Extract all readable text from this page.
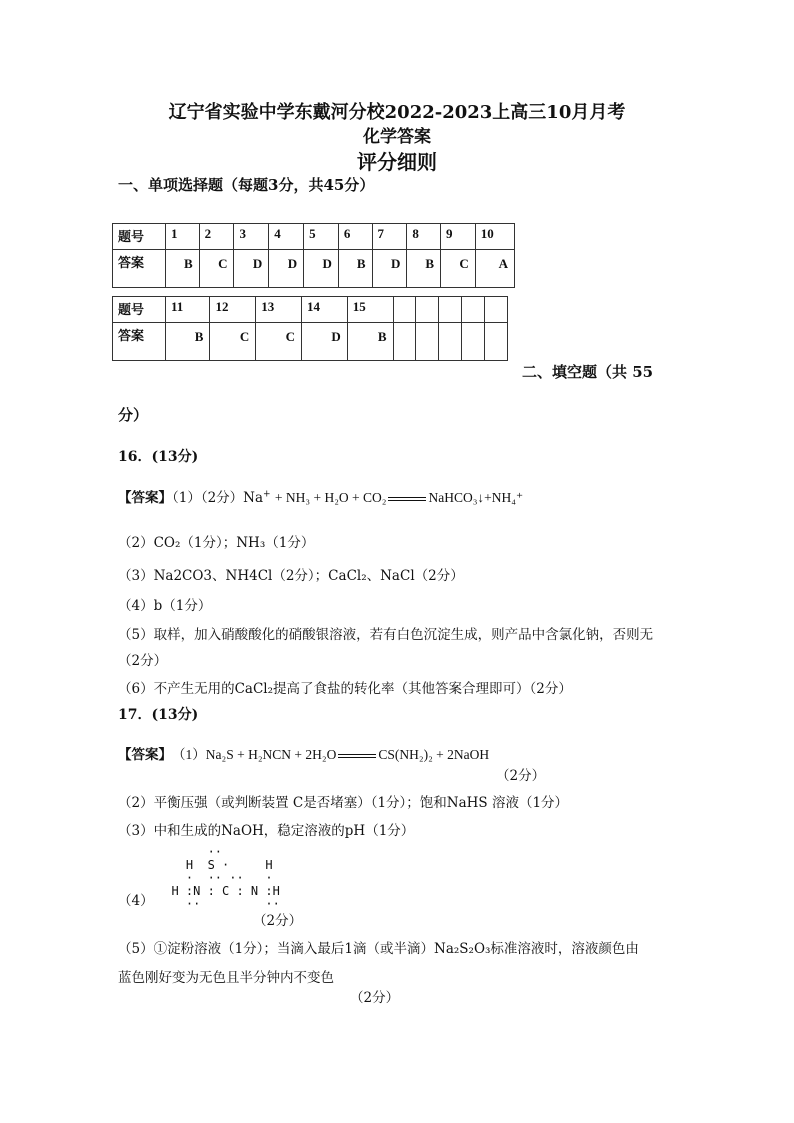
辽宁省实验中学东戴河分校2022-2023上高三10月月考
化学答案
评分细则
一、单项选择题（每题3分，共45分）
题号	1	2	3	4	5	6	7	8	9	10
答案	B	C	D	D	D	B	D	B	C	A
题号	11	12	13	14	15					
答案	B	C	C	D	B					
二、填空题（共 55
分）
16．(13分)
【答案】（1）（2分）Na+ + NH₃ + H₂O + CO₂	NaHCO₃↓+NH₄⁺
（2）CO₂（1分）；NH₃（1分）
（3）Na2CO3、NH4Cl（2分）；CaCl₂、NaCl（2分）
（4）b（1分）
（5）取样，加入硝酸酸化的硝酸银溶液，若有白色沉淀生成，则产品中含氯化钠，否则无
（2分）
（6）不产生无用的CaCl₂提高了食盐的转化率（其他答案合理即可）（2分）
17．(13分)
【答案】（1）Na₂S + H₂NCN + 2H₂O	CS(NH₂)₂ + 2NaOH
（2分）
（2）平衡压强（或判断装置 C是否堵塞）（1分）；饱和NaHS 溶液（1分）
（3）中和生成的NaOH，稳定溶液的pH（1分）
（4）
··
H  S ·     H
·  ·· ··   ·
H :N : C : N :H
··         ··
（2分）
（5）①淀粉溶液（1分）；当滴入最后1滴（或半滴）Na₂S₂O₃标准溶液时，溶液颜色由
蓝色刚好变为无色且半分钟内不变色
（2分）
